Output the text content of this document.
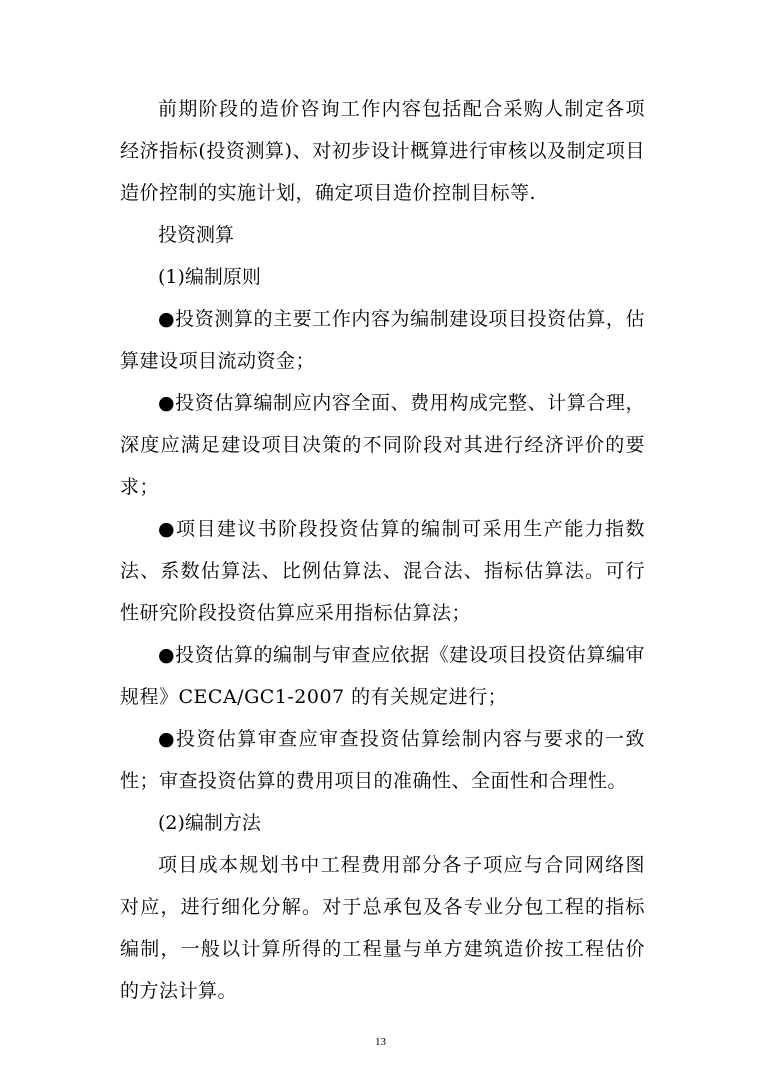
前期阶段的造价咨询工作内容包括配合采购人制定各项经济指标(投资测算)、对初步设计概算进行审核以及制定项目造价控制的实施计划，确定项目造价控制目标等.

投资测算

(1)编制原则

●投资测算的主要工作内容为编制建设项目投资估算，估算建设项目流动资金；

●投资估算编制应内容全面、费用构成完整、计算合理，深度应满足建设项目决策的不同阶段对其进行经济评价的要求；

●项目建议书阶段投资估算的编制可采用生产能力指数法、系数估算法、比例估算法、混合法、指标估算法。可行性研究阶段投资估算应采用指标估算法；

●投资估算的编制与审查应依据《建设项目投资估算编审规程》CECA/GC1-2007 的有关规定进行；

●投资估算审查应审查投资估算绘制内容与要求的一致性；审查投资估算的费用项目的准确性、全面性和合理性。

(2)编制方法

项目成本规划书中工程费用部分各子项应与合同网络图对应，进行细化分解。对于总承包及各专业分包工程的指标编制，一般以计算所得的工程量与单方建筑造价按工程估价的方法计算。

13
